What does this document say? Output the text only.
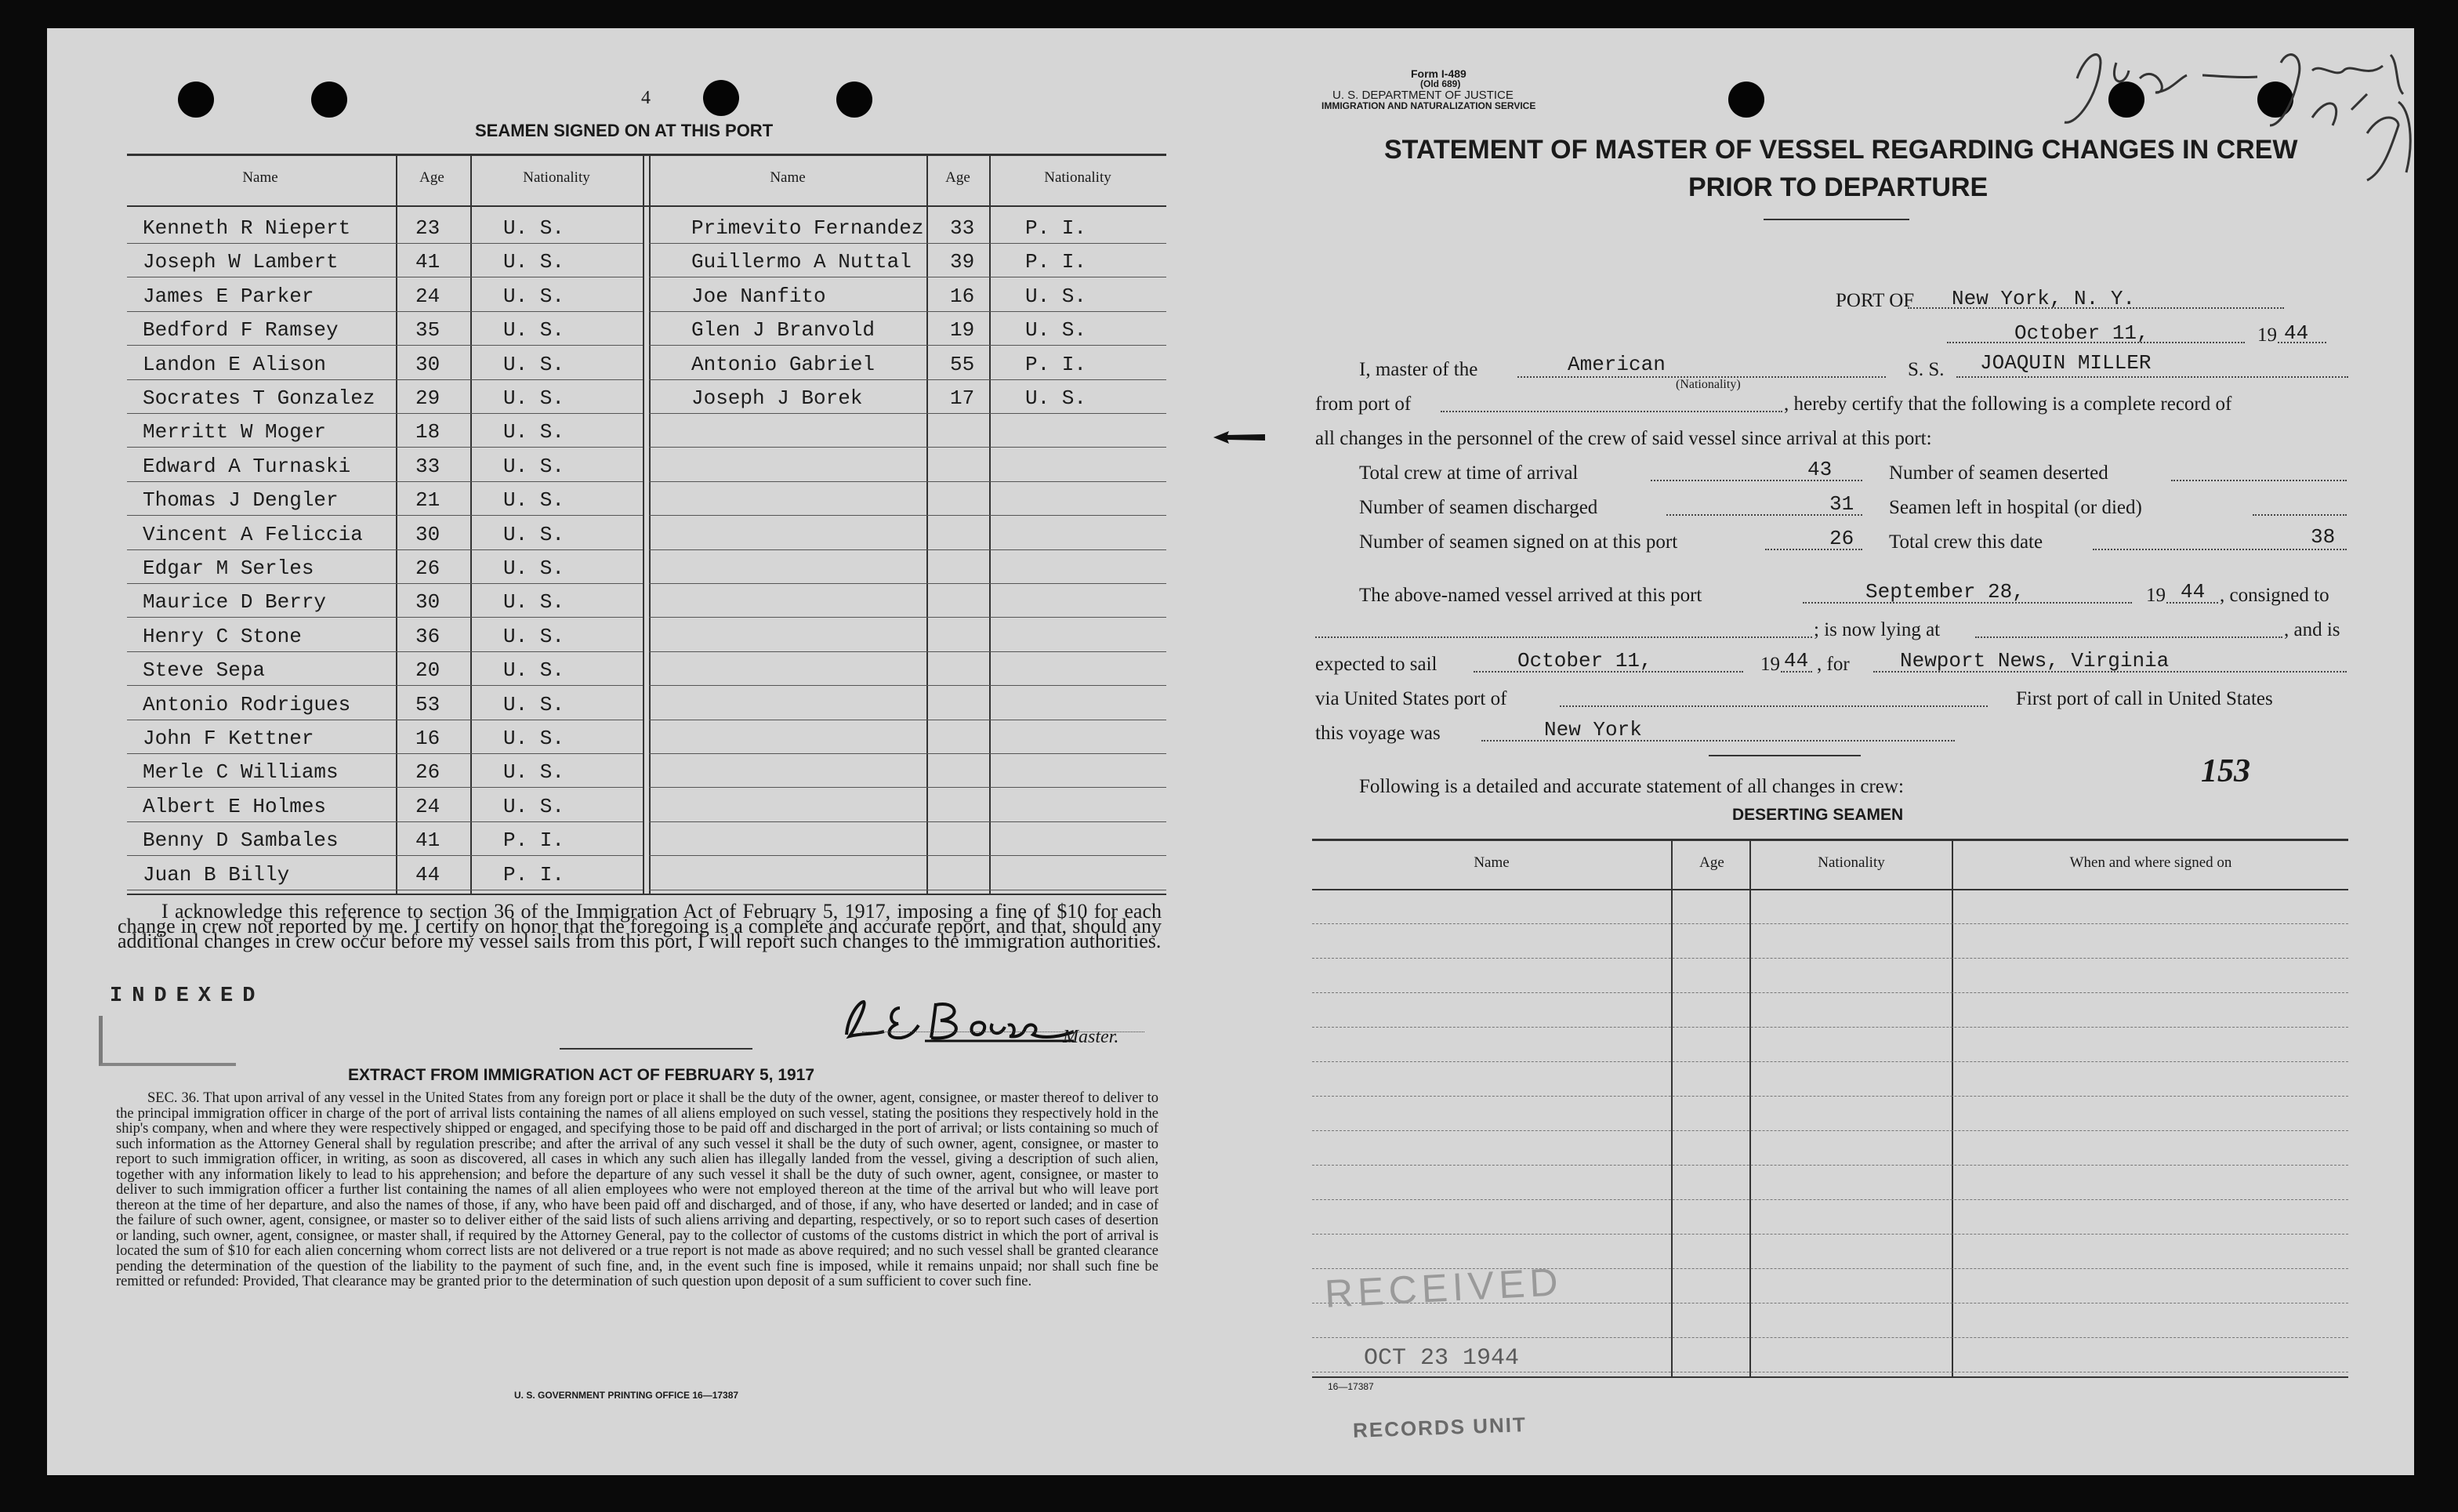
4
SEAMEN SIGNED ON AT THIS PORT
Name	Age	Nationality	Name	Age	Nationality
Kenneth R Niepert	23	U. S.
Joseph W Lambert	41	U. S.
James E Parker	24	U. S.
Bedford F Ramsey	35	U. S.
Landon E Alison	30	U. S.
Socrates T Gonzalez 29	U. S.
Merritt W Moger	18	U. S.
Edward A Turnaski	33	U. S.
Thomas J Dengler	21	U. S.
Vincent A Feliccia	30	U. S.
Edgar M Serles	26	U. S.
Maurice D Berry	30	U. S.
Henry C Stone	36	U. S.
Steve Sepa	20	U. S.
Antonio Rodrigues	53	U. S.
John F Kettner	16	U. S.
Merle C Williams	26	U. S.
Albert E Holmes	24	U. S.
Benny D Sambales	41	P. I.
Juan B Billy	44	P. I.
Primevito Fernandez 33 P. I.
Guillermo A Nuttal 39 P. I.
Joe Nanfito	16 U. S.
Glen J Branvold	19 U. S.
Antonio Gabriel	55 P. I.
Joseph J Borek	17 U. S.
I acknowledge this reference to section 36 of the Immigration Act of February 5, 1917, imposing a fine of $10 for each change in crew not reported by me. I certify on honor that the foregoing is a complete and accurate report, and that, should any additional changes in crew occur before my vessel sails from this port, I will report such changes to the immigration authorities.
INDEXED
Master.
EXTRACT FROM IMMIGRATION ACT OF FEBRUARY 5, 1917
SEC. 36. That upon arrival of any vessel in the United States from any foreign port or place it shall be the duty of the owner, agent, consignee, or master thereof to deliver to the principal immigration officer in charge of the port of arrival lists containing the names of all aliens employed on such vessel, stating the positions they respectively hold in the ship's company, when and where they were respectively shipped or engaged, and specifying those to be paid off and discharged in the port of arrival; or lists containing so much of such information as the Attorney General shall by regulation prescribe; and after the arrival of any such vessel it shall be the duty of such owner, agent, consignee, or master to report to such immigration officer, in writing, as soon as discovered, all cases in which any such alien has illegally landed from the vessel, giving a description of such alien, together with any information likely to lead to his apprehension; and before the departure of any such vessel it shall be the duty of such owner, agent, consignee, or master to deliver to such immigration officer a further list containing the names of all alien employees who were not employed thereon at the time of the arrival but who will leave port thereon at the time of her departure, and also the names of those, if any, who have been paid off and discharged, and of those, if any, who have deserted or landed; and in case of the failure of such owner, agent, consignee, or master so to deliver either of the said lists of such aliens arriving and departing, respectively, or so to report such cases of desertion or landing, such owner, agent, consignee, or master shall, if required by the Attorney General, pay to the collector of customs of the customs district in which the port of arrival is located the sum of $10 for each alien concerning whom correct lists are not delivered or a true report is not made as above required; and no such vessel shall be granted clearance pending the determination of the question of the liability to the payment of such fine, and, in the event such fine is imposed, while it remains unpaid; nor shall such fine be remitted or refunded: Provided, That clearance may be granted prior to the determination of such question upon deposit of a sum sufficient to cover such fine.
U. S. GOVERNMENT PRINTING OFFICE 16—17387
Form I-489
(Old 689)
U. S. DEPARTMENT OF JUSTICE
IMMIGRATION AND NATURALIZATION SERVICE
STATEMENT OF MASTER OF VESSEL REGARDING CHANGES IN CREW
PRIOR TO DEPARTURE
PORT OF New York, N. Y.
October 11,	19 44
I, master of the	American
(Nationality)
S. S. JOAQUIN MILLER
from port of	, hereby certify that the following is a complete record of
all changes in the personnel of the crew of said vessel since arrival at this port:
Total crew at time of arrival	43	Number of seamen deserted
Number of seamen discharged	31 Seamen left in hospital (or died)
Number of seamen signed on at this port	26 Total crew this date	38
The above-named vessel arrived at this port	September 28,	19 44 , consigned to
; is now lying at	, and is
expected to sail	October 11,	19 44 , for Newport News, Virginia
via United States port of	First port of call in United States
this voyage was	New York
Following is a detailed and accurate statement of all changes in crew:	153
DESERTING SEAMEN
Name	Age	Nationality	When and where signed on
RECEIVED
OCT 23 1944
16—17387
RECORDS UNIT
